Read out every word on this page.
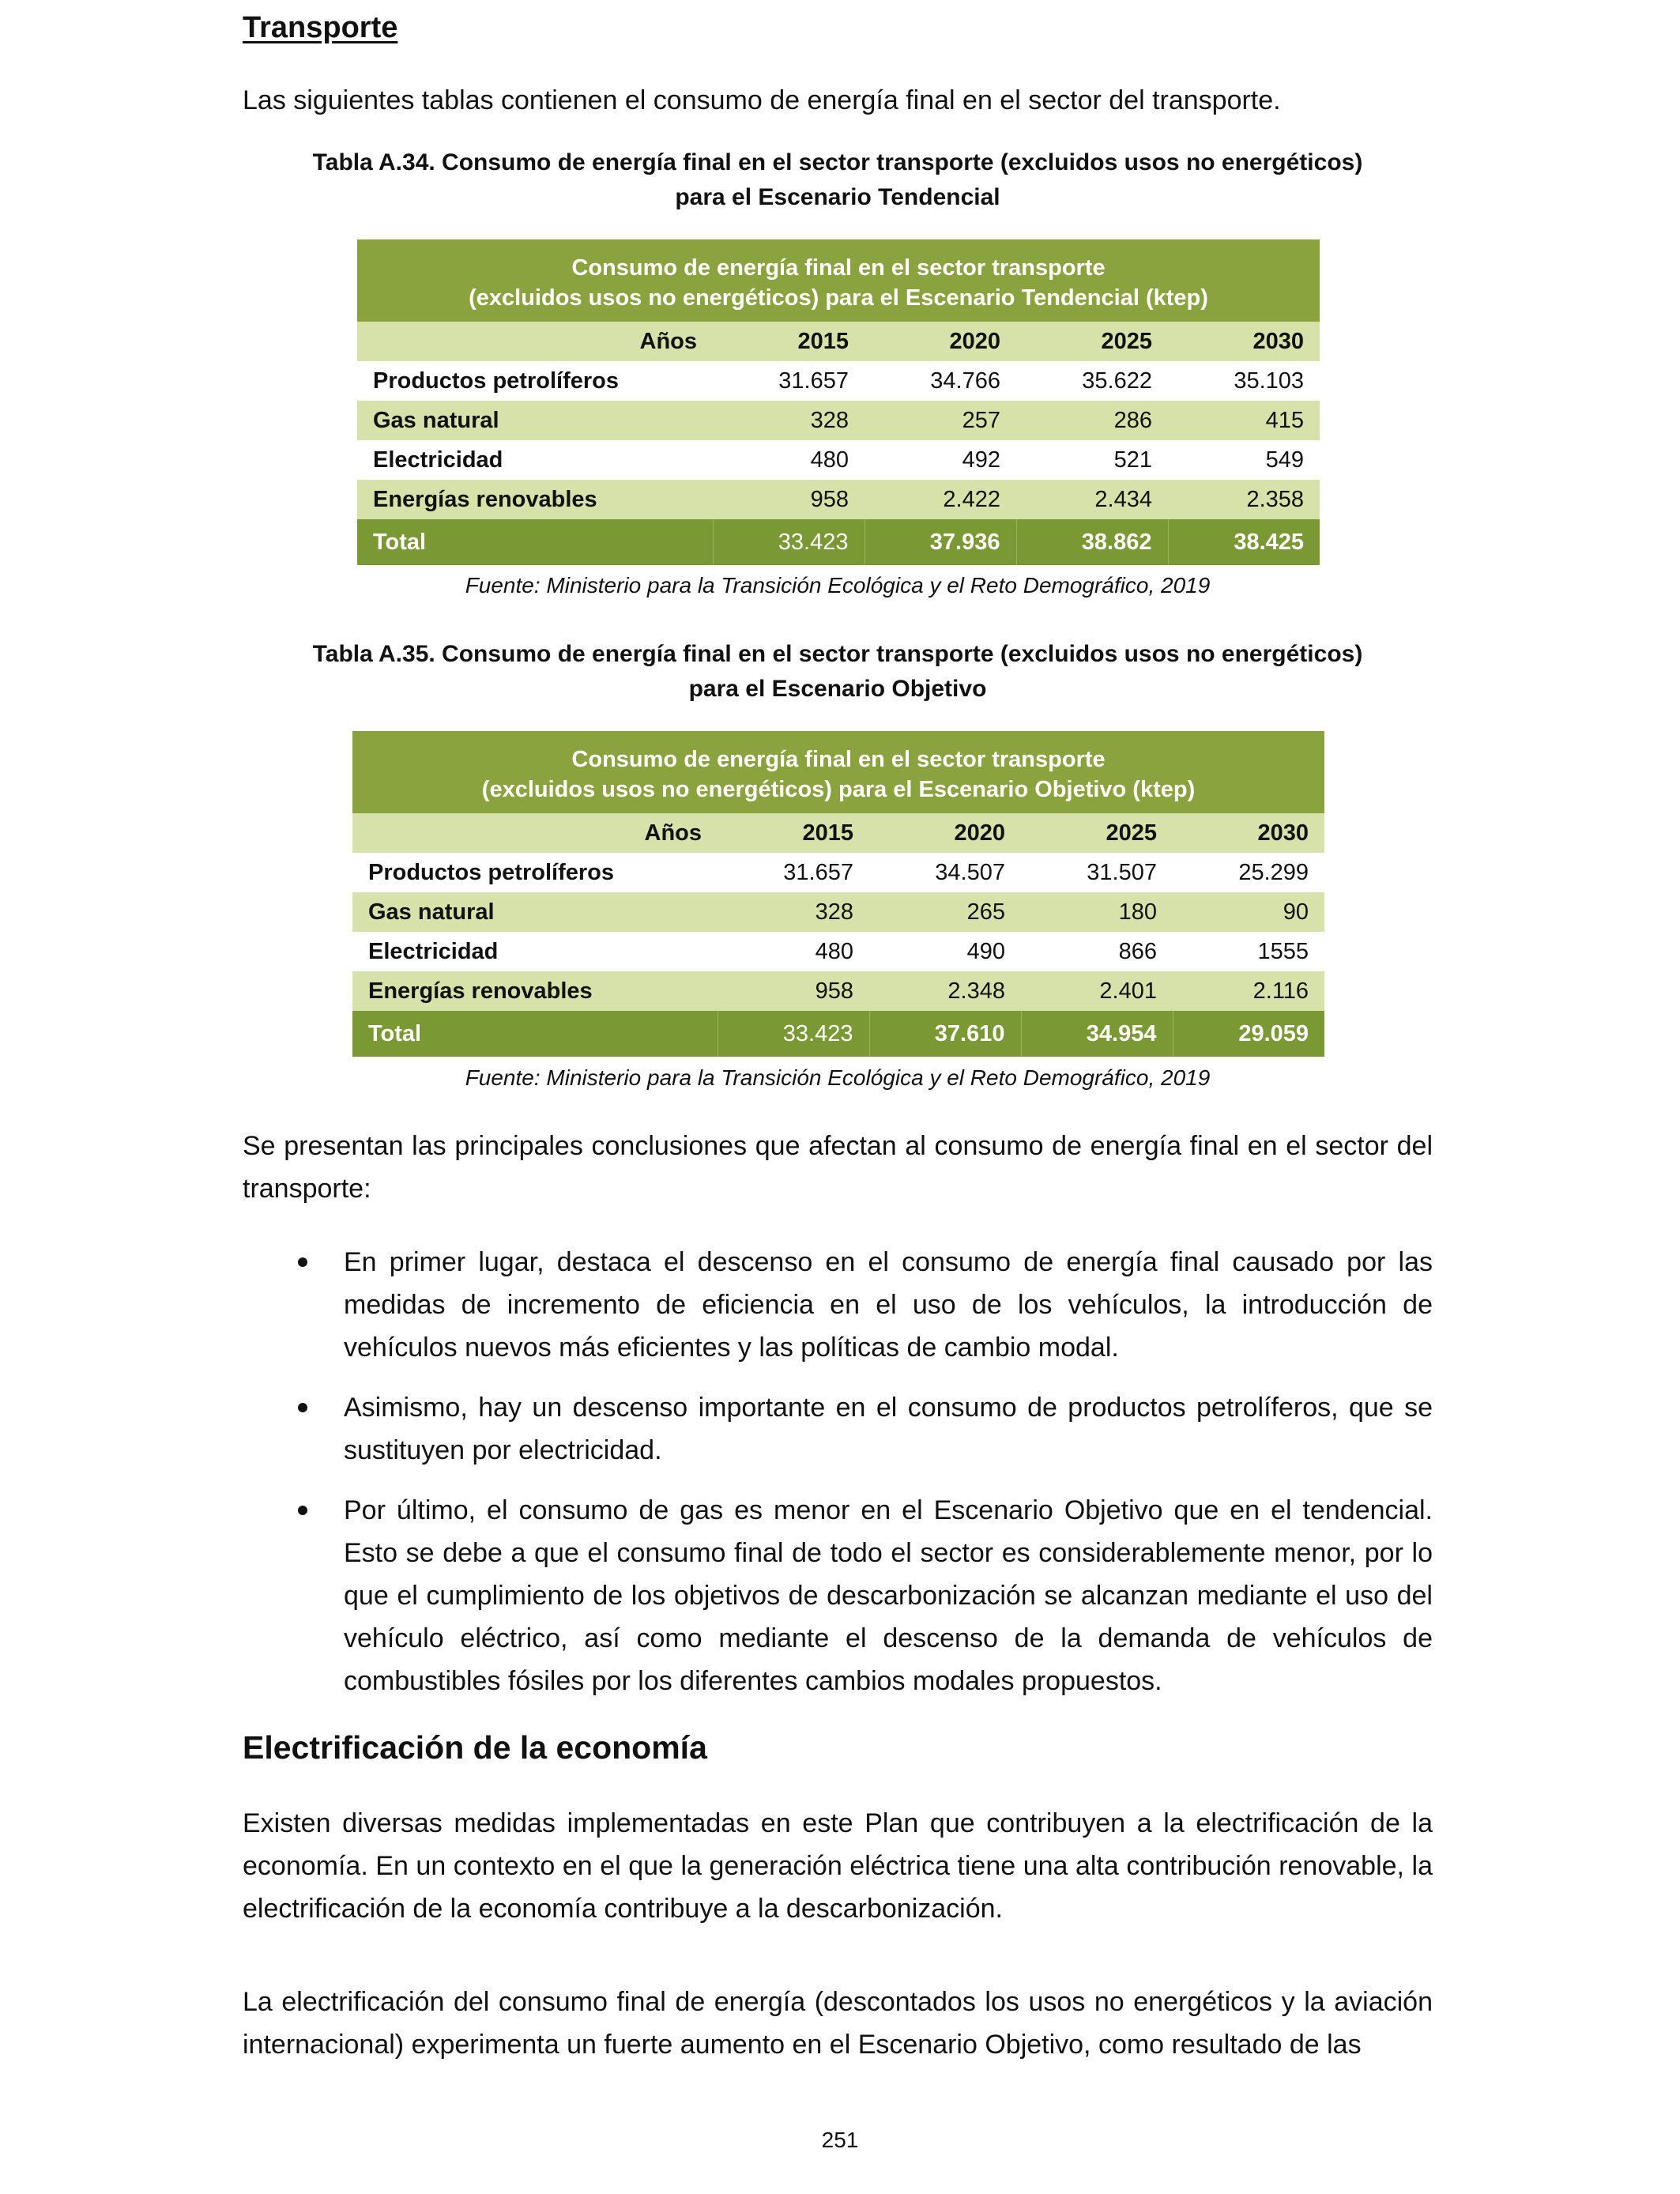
Transporte

Las siguientes tablas contienen el consumo de energía final en el sector del transporte.

Tabla A.34. Consumo de energía final en el sector transporte (excluidos usos no energéticos)
para el Escenario Tendencial
Consumo de energía final en el sector transporte
(excluidos usos no energéticos) para el Escenario Tendencial (ktep)				

Años	2015	2020	2025	2030
Productos petrolíferos	31.657	34.766	35.622	35.103
Gas natural	328	257	286	415
Electricidad	480	492	521	549
Energías renovables	958	2.422	2.434	2.358
Total	33.423	37.936	38.862	38.425
Fuente: Ministerio para la Transición Ecológica y el Reto Demográfico, 2019
Tabla A.35. Consumo de energía final en el sector transporte (excluidos usos no energéticos)
para el Escenario Objetivo
Consumo de energía final en el sector transporte
(excluidos usos no energéticos) para el Escenario Objetivo (ktep)				

Años	2015	2020	2025	2030
Productos petrolíferos	31.657	34.507	31.507	25.299
Gas natural	328	265	180	90
Electricidad	480	490	866	1555
Energías renovables	958	2.348	2.401	2.116
Total	33.423	37.610	34.954	29.059
Fuente: Ministerio para la Transición Ecológica y el Reto Demográfico, 2019

Se presentan las principales conclusiones que afectan al consumo de energía final en el sector del transporte:

En primer lugar, destaca el descenso en el consumo de energía final causado por las medidas de incremento de eficiencia en el uso de los vehículos, la introducción de vehículos nuevos más eficientes y las políticas de cambio modal.
Asimismo, hay un descenso importante en el consumo de productos petrolíferos, que se sustituyen por electricidad.
Por último, el consumo de gas es menor en el Escenario Objetivo que en el tendencial. Esto se debe a que el consumo final de todo el sector es considerablemente menor, por lo que el cumplimiento de los objetivos de descarbonización se alcanzan mediante el uso del vehículo eléctrico, así como mediante el descenso de la demanda de vehículos de combustibles fósiles por los diferentes cambios modales propuestos.
Electrificación de la economía

Existen diversas medidas implementadas en este Plan que contribuyen a la electrificación de la economía. En un contexto en el que la generación eléctrica tiene una alta contribución renovable, la electrificación de la economía contribuye a la descarbonización.

La electrificación del consumo final de energía (descontados los usos no energéticos y la aviación internacional) experimenta un fuerte aumento en el Escenario Objetivo, como resultado de las

251
